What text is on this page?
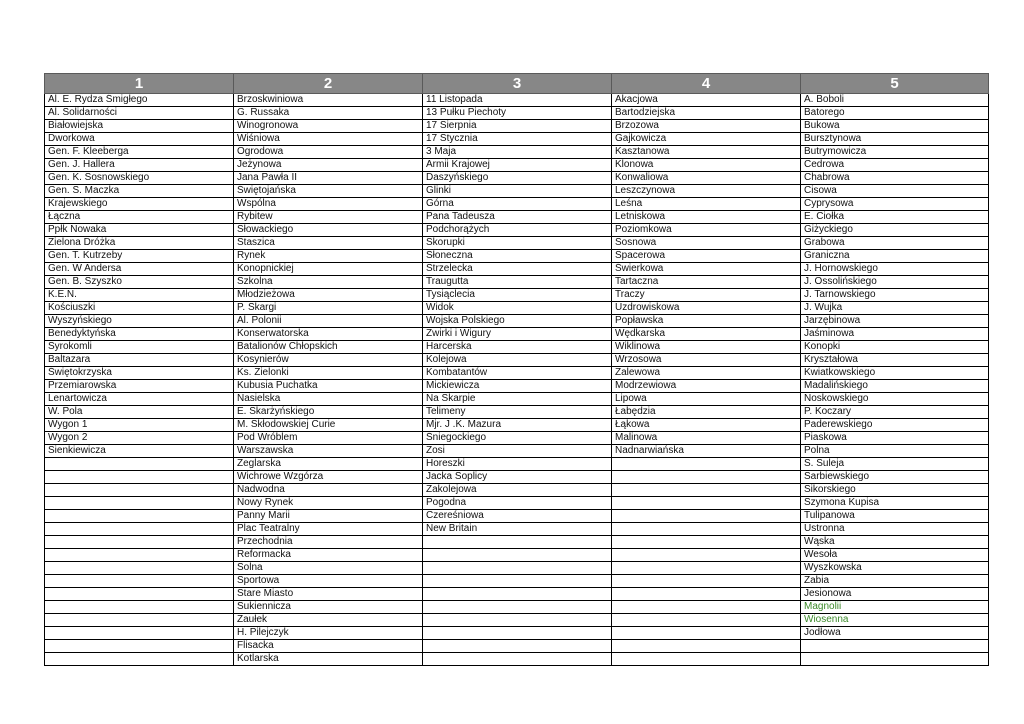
1	2	3	4	5
Al. E. Rydza Śmigłego	Brzoskwiniowa	11 Listopada	Akacjowa	A. Boboli
Al. Solidarności	G. Russaka	13 Pułku Piechoty	Bartodziejska	Batorego
Białowiejska	Winogronowa	17 Sierpnia	Brzozowa	Bukowa
Dworkowa	Wiśniowa	17 Stycznia	Gajkowicza	Bursztynowa
Gen. F. Kleeberga	Ogrodowa	3 Maja	Kasztanowa	Butrymowicza
Gen. J. Hallera	Jeżynowa	Armii Krajowej	Klonowa	Cedrowa
Gen. K. Sosnowskiego	Jana Pawła II	Daszyńskiego	Konwaliowa	Chabrowa
Gen. S. Maczka	Świętojańska	Glinki	Leszczynowa	Cisowa
Krajewskiego	Wspólna	Górna	Leśna	Cyprysowa
Łączna	Rybitew	Pana Tadeusza	Letniskowa	E. Ciołka
Ppłk Nowaka	Słowackiego	Podchorążych	Poziomkowa	Giżyckiego
Zielona Dróżka	Staszica	Skorupki	Sosnowa	Grabowa
Gen. T. Kutrzeby	Rynek	Słoneczna	Spacerowa	Graniczna
Gen. W Andersa	Konopnickiej	Strzelecka	Świerkowa	J. Hornowskiego
Gen. B. Szyszko	Szkolna	Traugutta	Tartaczna	J. Ossolińskiego
K.E.N.	Młodzieżowa	Tysiąclecia	Traczy	J. Tarnowskiego
Kościuszki	P. Skargi	Widok	Uzdrowiskowa	J. Wujka
Wyszyńskiego	Al. Polonii	Wojska Polskiego	Popławska	Jarzębinowa
Benedyktyńska	Konserwatorska	Żwirki i Wigury	Wędkarska	Jaśminowa
Syrokomli	Batalionów Chłopskich	Harcerska	Wiklinowa	Konopki
Baltazara	Kosynierów	Kolejowa	Wrzosowa	Kryształowa
Świętokrzyska	Ks. Zielonki	Kombatantów	Zalewowa	Kwiatkowskiego
Przemiarowska	Kubusia Puchatka	Mickiewicza	Modrzewiowa	Madalińskiego
Lenartowicza	Nasielska	Na Skarpie	Lipowa	Noskowskiego
W. Pola	E. Skarżyńskiego	Telimeny	Łabędzia	P. Koczary
Wygon 1	M. Skłodowskiej Curie	Mjr. J .K. Mazura	Łąkowa	Paderewskiego
Wygon 2	Pod Wróblem	Śniegockiego	Malinowa	Piaskowa
Sienkiewicza	Warszawska	Zosi	Nadnarwiańska	Polna
	Żeglarska	Horeszki		S. Suleja
	Wichrowe Wzgórza	Jacka Soplicy		Sarbiewskiego
	Nadwodna	Zakolejowa		Sikorskiego
	Nowy Rynek	Pogodna		Szymona Kupisa
	Panny Marii	Czereśniowa		Tulipanowa
	Plac Teatralny	New Britain		Ustronna
	Przechodnia			Wąska
	Reformacka			Wesoła
	Solna			Wyszkowska
	Sportowa			Żabia
	Stare Miasto			Jesionowa
	Sukiennicza			Magnolii
	Zaułek			Wiosenna
	H. Pilejczyk			Jodłowa
	Flisacka			
	Kotlarska			
